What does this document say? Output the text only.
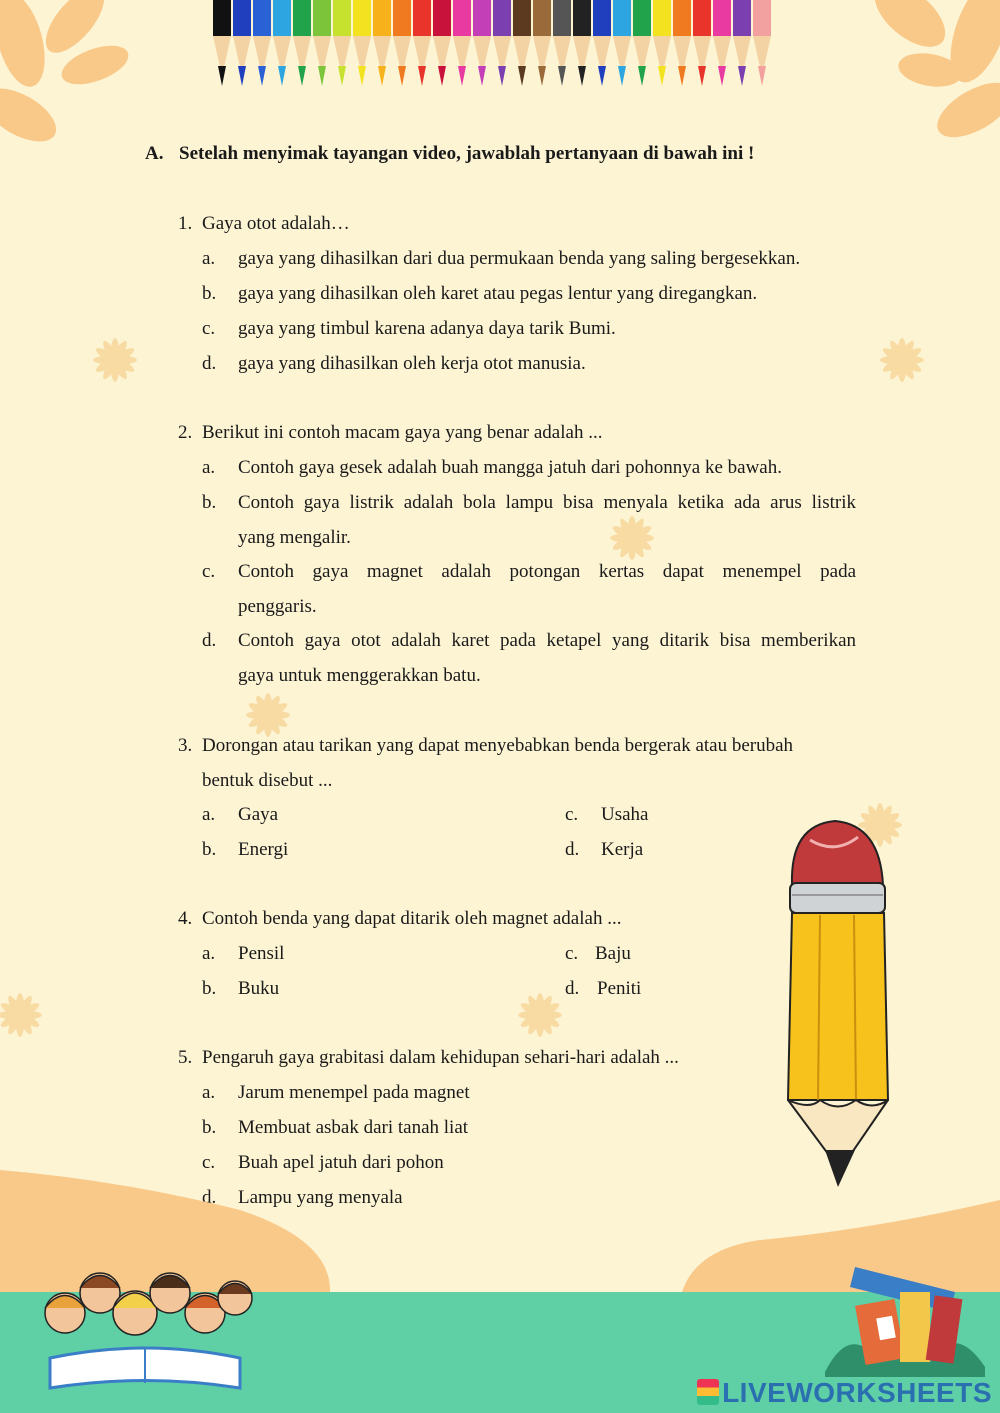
A. Setelah menyimak tayangan video, jawablah pertanyaan di bawah ini !
1. Gaya otot adalah…
a. gaya yang dihasilkan dari dua permukaan benda yang saling bergesekkan.
b. gaya yang dihasilkan oleh karet atau pegas lentur yang diregangkan.
c. gaya yang timbul karena adanya daya tarik Bumi.
d. gaya yang dihasilkan oleh kerja otot manusia.
2. Berikut ini contoh macam gaya yang benar adalah ...
a. Contoh gaya gesek adalah buah mangga jatuh dari pohonnya ke bawah.
b.	Contoh gaya listrik adalah bola lampu bisa menyala ketika ada arus listrik
yang mengalir.
c.	Contoh gaya magnet adalah potongan kertas dapat menempel pada
penggaris.
d.	Contoh gaya otot adalah karet pada ketapel yang ditarik bisa memberikan
gaya untuk menggerakkan batu.
3. Dorongan atau tarikan yang dapat menyebabkan benda bergerak atau berubah
bentuk disebut ...
a. Gaya
b. Energi
c. Usaha
d. Kerja
4. Contoh benda yang dapat ditarik oleh magnet adalah ...
a. Pensil
b. Buku
c. Baju
d. Peniti
5. Pengaruh gaya grabitasi dalam kehidupan sehari-hari adalah ...
a. Jarum menempel pada magnet
b. Membuat asbak dari tanah liat
c. Buah apel jatuh dari pohon
d. Lampu yang menyala
LIVEWORKSHEETS
